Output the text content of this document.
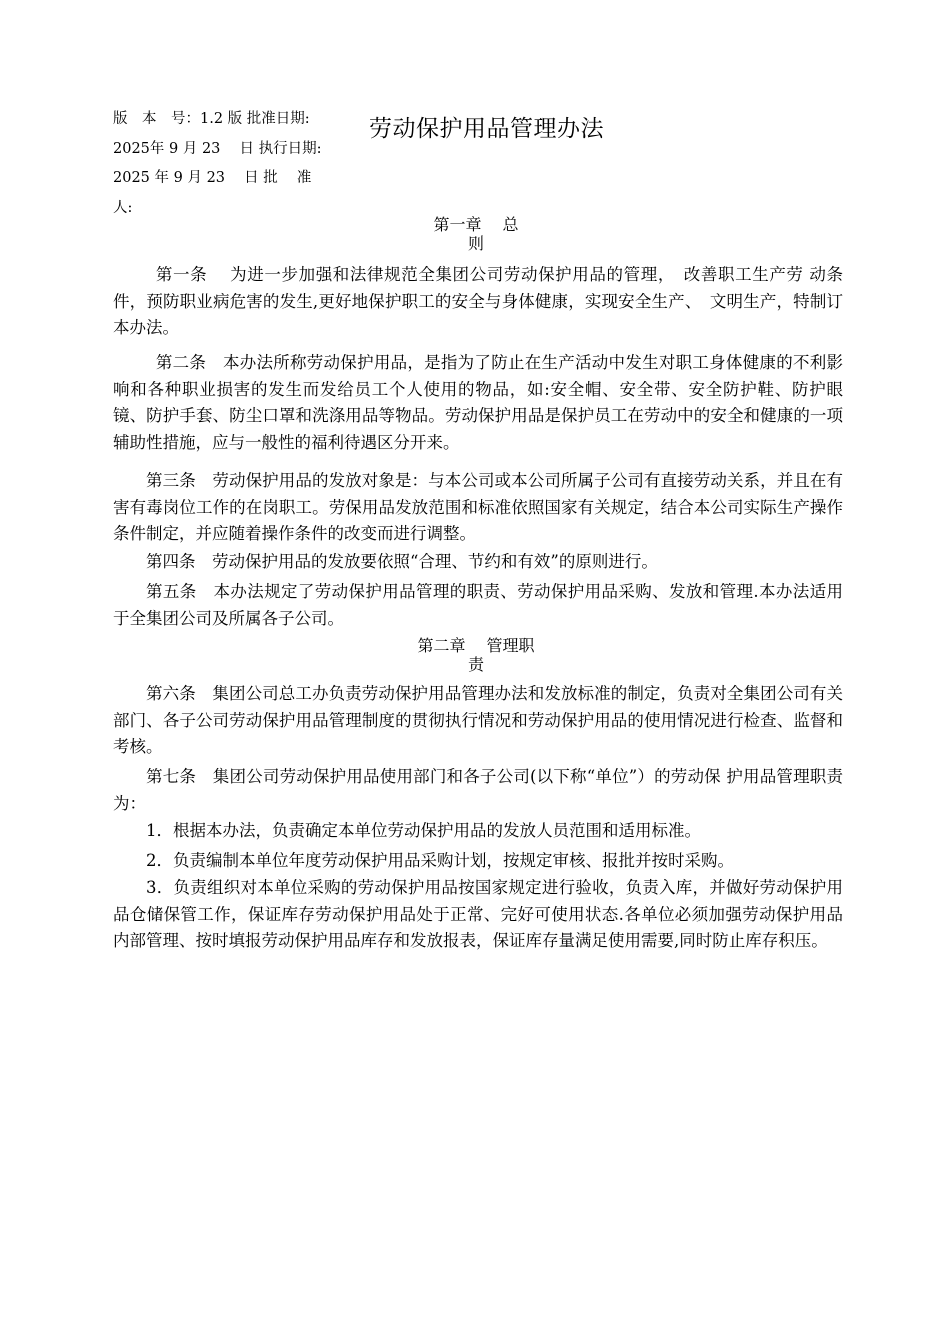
版　本　号：1.2 版 批准日期:
2025年 9 月 23　 日 执行日期:
2025 年 9 月 23　 日 批　 准
人:
劳动保护用品管理办法
第一章　 总
则

第一条　 为进一步加强和法律规范全集团公司劳动保护用品的管理，　改善职工生产劳 动条件，预防职业病危害的发生,更好地保护职工的安全与身体健康，实现安全生产、　文明生产，特制订本办法。

第二条　本办法所称劳动保护用品，是指为了防止在生产活动中发生对职工身体健康的不利影响和各种职业损害的发生而发给员工个人使用的物品，如:安全帽、安全带、安全防护鞋、防护眼镜、防护手套、防尘口罩和洗涤用品等物品。劳动保护用品是保护员工在劳动中的安全和健康的一项辅助性措施，应与一般性的福利待遇区分开来。

第三条　劳动保护用品的发放对象是：与本公司或本公司所属子公司有直接劳动关系，并且在有害有毒岗位工作的在岗职工。劳保用品发放范围和标准依照国家有关规定，结合本公司实际生产操作条件制定，并应随着操作条件的改变而进行调整。

第四条　劳动保护用品的发放要依照“合理、节约和有效”的原则进行。

第五条　本办法规定了劳动保护用品管理的职责、劳动保护用品采购、发放和管理.本办法适用于全集团公司及所属各子公司。

第二章　 管理职
责

第六条　集团公司总工办负责劳动保护用品管理办法和发放标准的制定，负责对全集团公司有关部门、各子公司劳动保护用品管理制度的贯彻执行情况和劳动保护用品的使用情况进行检查、监督和考核。

第七条　集团公司劳动保护用品使用部门和各子公司(以下称“单位”）的劳动保 护用品管理职责为：

1．根据本办法，负责确定本单位劳动保护用品的发放人员范围和适用标准。

2．负责编制本单位年度劳动保护用品采购计划，按规定审核、报批并按时采购。

3．负责组织对本单位采购的劳动保护用品按国家规定进行验收，负责入库，并做好劳动保护用品仓储保管工作，保证库存劳动保护用品处于正常、完好可使用状态.各单位必须加强劳动保护用品内部管理、按时填报劳动保护用品库存和发放报表，保证库存量满足使用需要,同时防止库存积压。
